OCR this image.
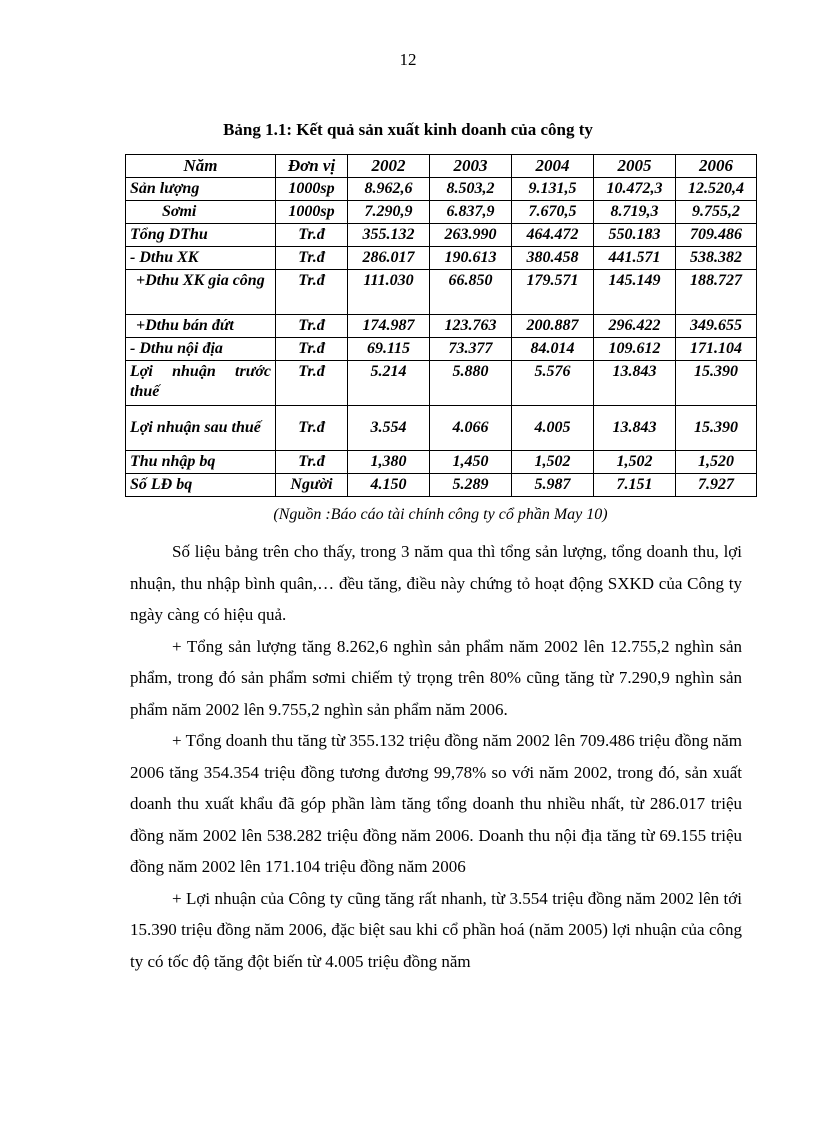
12
Bảng 1.1: Kết quả sản xuất kinh doanh của công ty
Năm	Đơn vị	2002	2003	2004	2005	2006
Sản lượng	1000sp	8.962,6	8.503,2	9.131,5	10.472,3	12.520,4
Sơmi	1000sp	7.290,9	6.837,9	7.670,5	8.719,3	9.755,2
Tổng DThu	Tr.đ	355.132	263.990	464.472	550.183	709.486
- Dthu XK	Tr.đ	286.017	190.613	380.458	441.571	538.382
+Dthu XK gia công	Tr.đ	111.030	66.850	179.571	145.149	188.727
+Dthu bán đứt	Tr.đ	174.987	123.763	200.887	296.422	349.655
- Dthu nội địa	Tr.đ	69.115	73.377	84.014	109.612	171.104
Lợi nhuận trước thuế	Tr.đ	5.214	5.880	5.576	13.843	15.390
Lợi nhuận sau thuế	Tr.đ	3.554	4.066	4.005	13.843	15.390
Thu nhập bq	Tr.đ	1,380	1,450	1,502	1,502	1,520
Số LĐ bq	Người	4.150	5.289	5.987	7.151	7.927
(Nguồn :Báo cáo tài chính công ty cổ phần May 10)

Số liệu bảng trên cho thấy, trong 3 năm qua thì tổng sản lượng, tổng doanh thu, lợi nhuận, thu nhập bình quân,… đều tăng, điều này chứng tỏ hoạt động SXKD của Công ty ngày càng có hiệu quả.

+ Tổng sản lượng tăng 8.262,6 nghìn sản phẩm năm 2002 lên 12.755,2 nghìn sản phẩm, trong đó sản phẩm sơmi chiếm tỷ trọng trên 80% cũng tăng từ 7.290,9 nghìn sản phẩm năm 2002 lên 9.755,2 nghìn sản phẩm năm 2006.

+ Tổng doanh thu tăng từ 355.132 triệu đồng năm 2002 lên 709.486 triệu đồng năm 2006 tăng 354.354 triệu đồng tương đương 99,78% so với năm 2002, trong đó, sản xuất doanh thu xuất khẩu đã góp phần làm tăng tổng doanh thu nhiều nhất, từ 286.017 triệu đồng năm 2002 lên 538.282 triệu đồng năm 2006. Doanh thu nội địa tăng từ 69.155 triệu đồng năm 2002 lên 171.104 triệu đồng năm 2006

+ Lợi nhuận của Công ty cũng tăng rất nhanh, từ 3.554 triệu đồng năm 2002 lên tới 15.390 triệu đồng năm 2006, đặc biệt sau khi cổ phần hoá (năm 2005) lợi nhuận của công ty có tốc độ tăng đột biến từ 4.005 triệu đồng năm
